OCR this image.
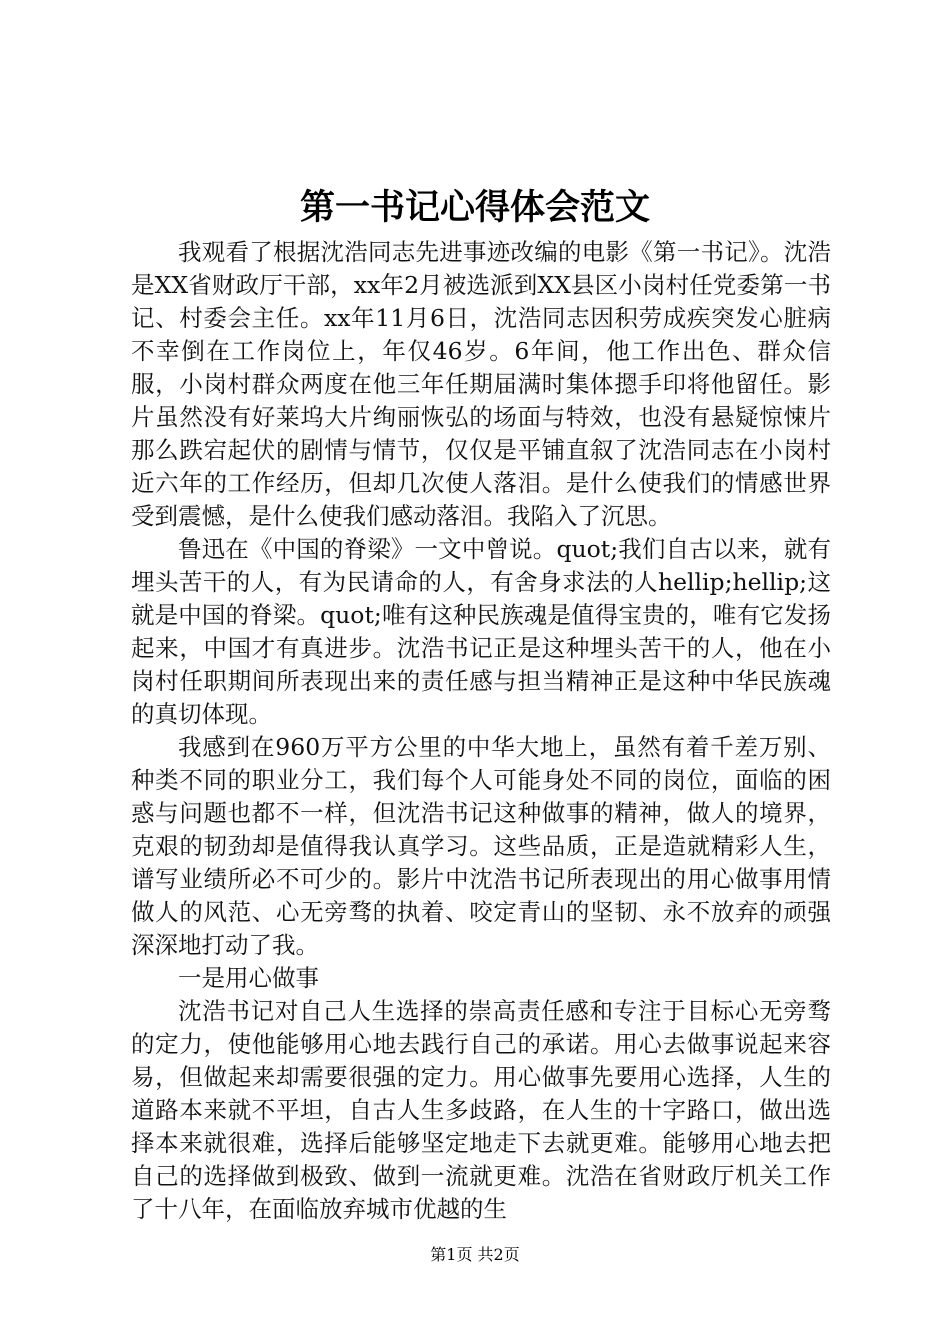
第一书记心得体会范文

我观看了根据沈浩同志先进事迹改编的电影《第一书记》。沈浩是XX省财政厅干部，xx年2月被选派到XX县区小岗村任党委第一书记、村委会主任。xx年11月6日，沈浩同志因积劳成疾突发心脏病不幸倒在工作岗位上，年仅46岁。6年间，他工作出色、群众信服，小岗村群众两度在他三年任期届满时集体摁手印将他留任。影片虽然没有好莱坞大片绚丽恢弘的场面与特效，也没有悬疑惊悚片那么跌宕起伏的剧情与情节，仅仅是平铺直叙了沈浩同志在小岗村近六年的工作经历，但却几次使人落泪。是什么使我们的情感世界受到震憾，是什么使我们感动落泪。我陷入了沉思。

鲁迅在《中国的脊梁》一文中曾说。quot;我们自古以来，就有埋头苦干的人，有为民请命的人，有舍身求法的人hellip;hellip;这就是中国的脊梁。quot;唯有这种民族魂是值得宝贵的，唯有它发扬起来，中国才有真进步。沈浩书记正是这种埋头苦干的人，他在小岗村任职期间所表现出来的责任感与担当精神正是这种中华民族魂的真切体现。

我感到在960万平方公里的中华大地上，虽然有着千差万别、种类不同的职业分工，我们每个人可能身处不同的岗位，面临的困惑与问题也都不一样，但沈浩书记这种做事的精神，做人的境界，克艰的韧劲却是值得我认真学习。这些品质，正是造就精彩人生，谱写业绩所必不可少的。影片中沈浩书记所表现出的用心做事用情做人的风范、心无旁骛的执着、咬定青山的坚韧、永不放弃的顽强深深地打动了我。

一是用心做事

沈浩书记对自己人生选择的崇高责任感和专注于目标心无旁骛的定力，使他能够用心地去践行自己的承诺。用心去做事说起来容易，但做起来却需要很强的定力。用心做事先要用心选择，人生的道路本来就不平坦，自古人生多歧路，在人生的十字路口，做出选择本来就很难，选择后能够坚定地走下去就更难。能够用心地去把自己的选择做到极致、做到一流就更难。沈浩在省财政厅机关工作了十八年，在面临放弃城市优越的生

第1页 共2页
